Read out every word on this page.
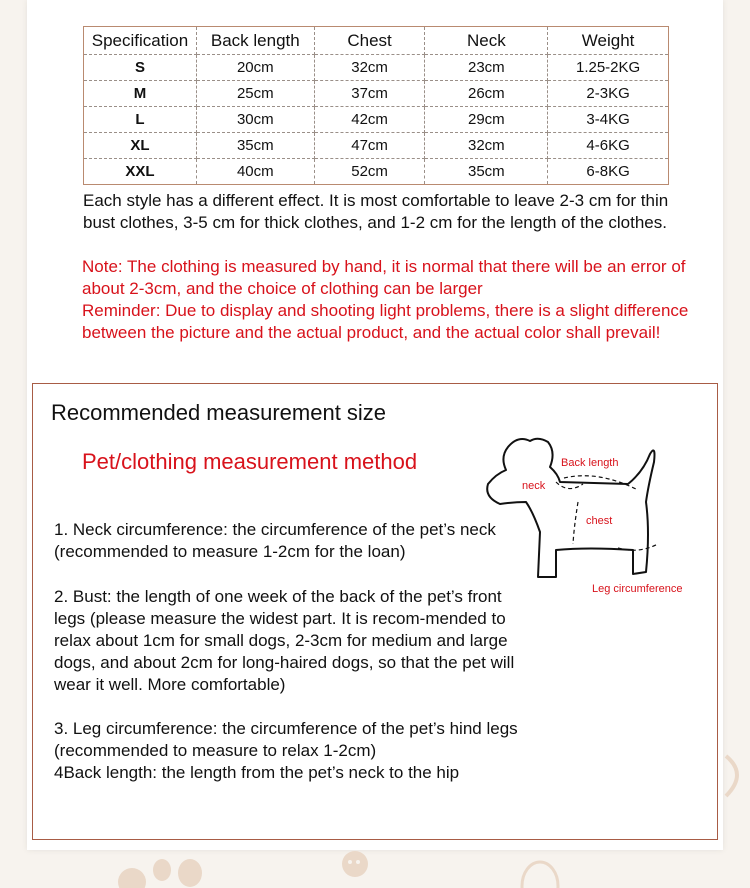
Specification	Back length	Chest	Neck	Weight
S	20cm	32cm	23cm	1.25-2KG
M	25cm	37cm	26cm	2-3KG
L	30cm	42cm	29cm	3-4KG
XL	35cm	47cm	32cm	4-6KG
XXL	40cm	52cm	35cm	6-8KG

Each style has a different effect. It is most comfortable to leave 2-3 cm for thin bust clothes, 3-5 cm for thick clothes, and 1-2 cm for the length of the clothes.

Note: The clothing is measured by hand, it is normal that there will be an error of about 2-3cm, and the choice of clothing can be larger

Reminder: Due to display and shooting light problems, there is a slight difference between the picture and the actual product, and the actual color shall prevail!

Recommended measurement size
Pet/clothing measurement method

1. Neck circumference: the circumference of the pet’s neck (recommended to measure 1-2cm for the loan)

2. Bust: the length of one week of the back of the pet’s front legs (please measure the widest part. It is recom-mended to relax about 1cm for small dogs, 2-3cm for medium and large dogs, and about 2cm for long-haired dogs, so that the pet will wear it well. More comfortable)

3. Leg circumference: the circumference of the pet’s hind legs (recommended to measure to relax 1-2cm)
4Back length: the length from the pet’s neck to the hip

Back length
neck
chest
Leg circumference
